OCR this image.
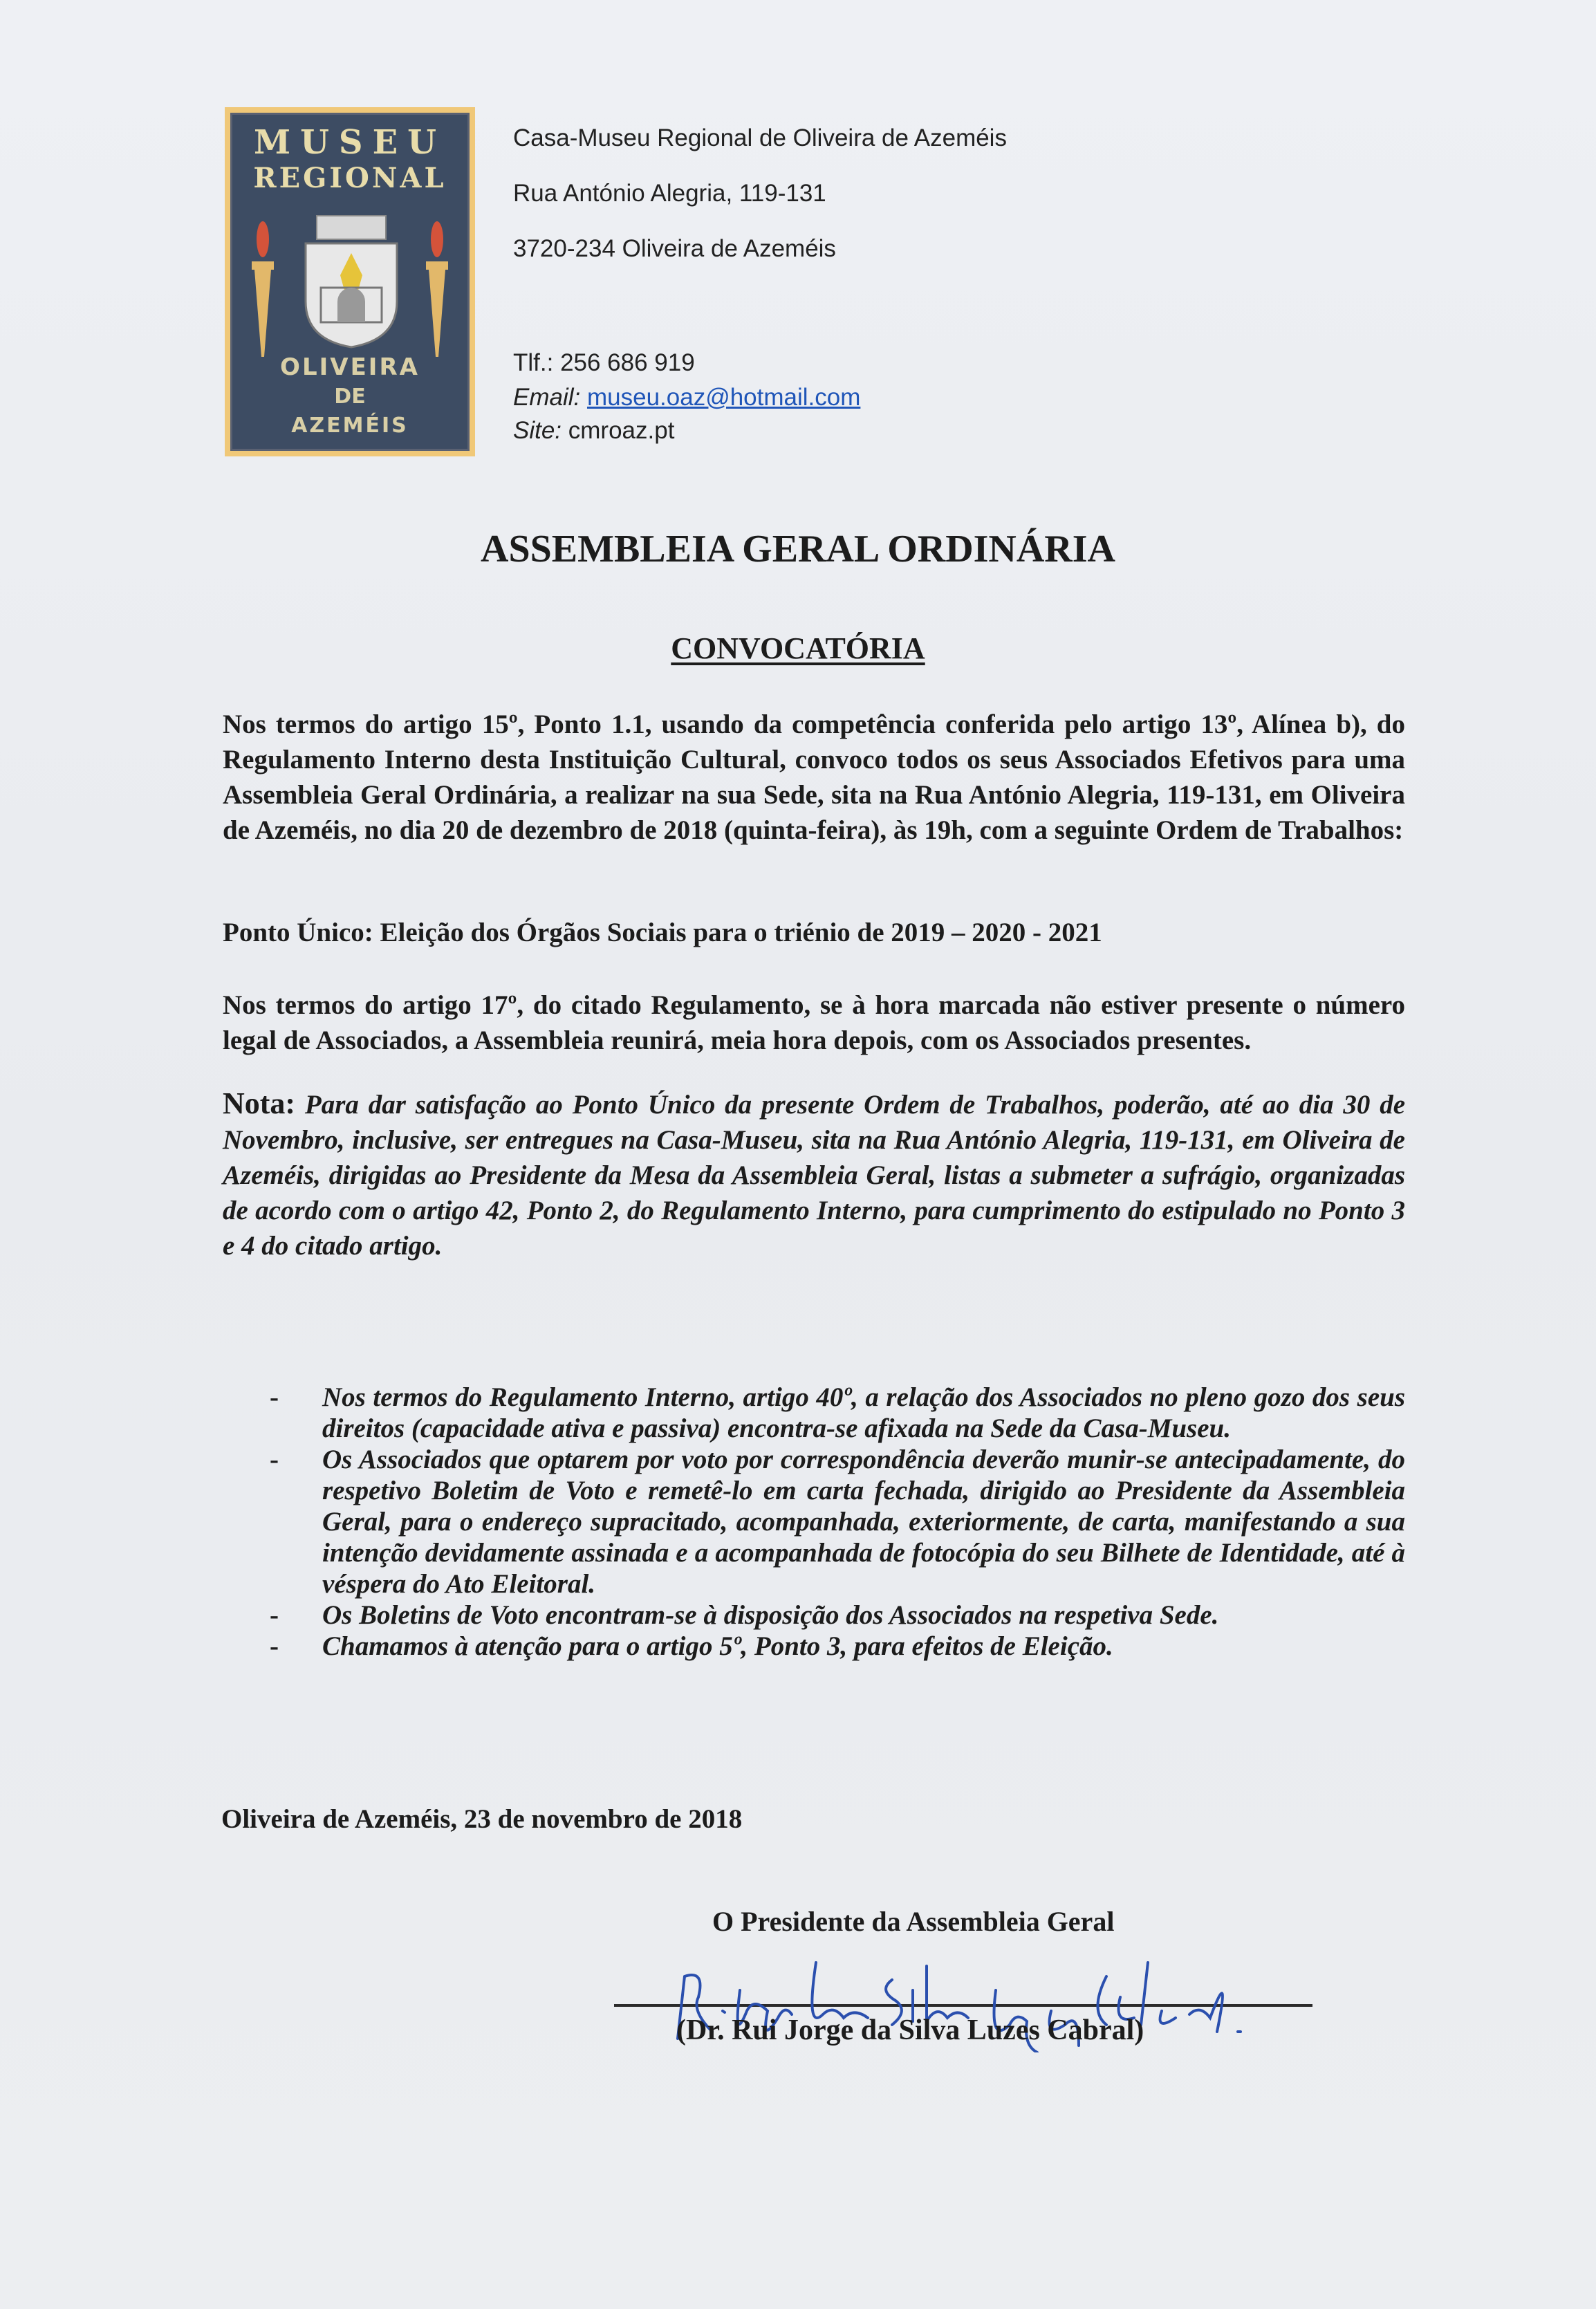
MUSEU
REGIONAL
OLIVEIRA
DE
AZEMÉIS
Casa-Museu Regional de Oliveira de Azeméis
Rua António Alegria, 119-131
3720-234 Oliveira de Azeméis
Tlf.: 256 686 919
Email: museu.oaz@hotmail.com
Site: cmroaz.pt
ASSEMBLEIA GERAL ORDINÁRIA
CONVOCATÓRIA
Nos termos do artigo 15º, Ponto 1.1, usando da competência conferida pelo artigo 13º, Alínea b), do Regulamento Interno desta Instituição Cultural, convoco todos os seus Associados Efetivos para uma Assembleia Geral Ordinária, a realizar na sua Sede, sita na Rua António Alegria, 119-131, em Oliveira de Azeméis, no dia 20 de dezembro de 2018 (quinta-feira), às 19h, com a seguinte Ordem de Trabalhos:
Ponto Único: Eleição dos Órgãos Sociais para o triénio de 2019 – 2020 - 2021
Nos termos do artigo 17º, do citado Regulamento, se à hora marcada não estiver presente o número legal de Associados, a Assembleia reunirá, meia hora depois, com os Associados presentes.
Nota: Para dar satisfação ao Ponto Único da presente Ordem de Trabalhos, poderão, até ao dia 30 de Novembro, inclusive, ser entregues na Casa-Museu, sita na Rua António Alegria, 119-131, em Oliveira de Azeméis, dirigidas ao Presidente da Mesa da Assembleia Geral, listas a submeter a sufrágio, organizadas de acordo com o artigo 42, Ponto 2, do Regulamento Interno, para cumprimento do estipulado no Ponto 3 e 4 do citado artigo.
- Nos termos do Regulamento Interno, artigo 40º, a relação dos Associados no pleno gozo dos seus direitos (capacidade ativa e passiva) encontra-se afixada na Sede da Casa-Museu.
- Os Associados que optarem por voto por correspondência deverão munir-se antecipadamente, do respetivo Boletim de Voto e remetê-lo em carta fechada, dirigido ao Presidente da Assembleia Geral, para o endereço supracitado, acompanhada, exteriormente, de carta, manifestando a sua intenção devidamente assinada e a acompanhada de fotocópia do seu Bilhete de Identidade, até à véspera do Ato Eleitoral.
- Os Boletins de Voto encontram-se à disposição dos Associados na respetiva Sede.
- Chamamos à atenção para o artigo 5º, Ponto 3, para efeitos de Eleição.
Oliveira de Azeméis, 23 de novembro de 2018
O Presidente da Assembleia Geral
(Dr. Rui Jorge da Silva Luzes Cabral)
